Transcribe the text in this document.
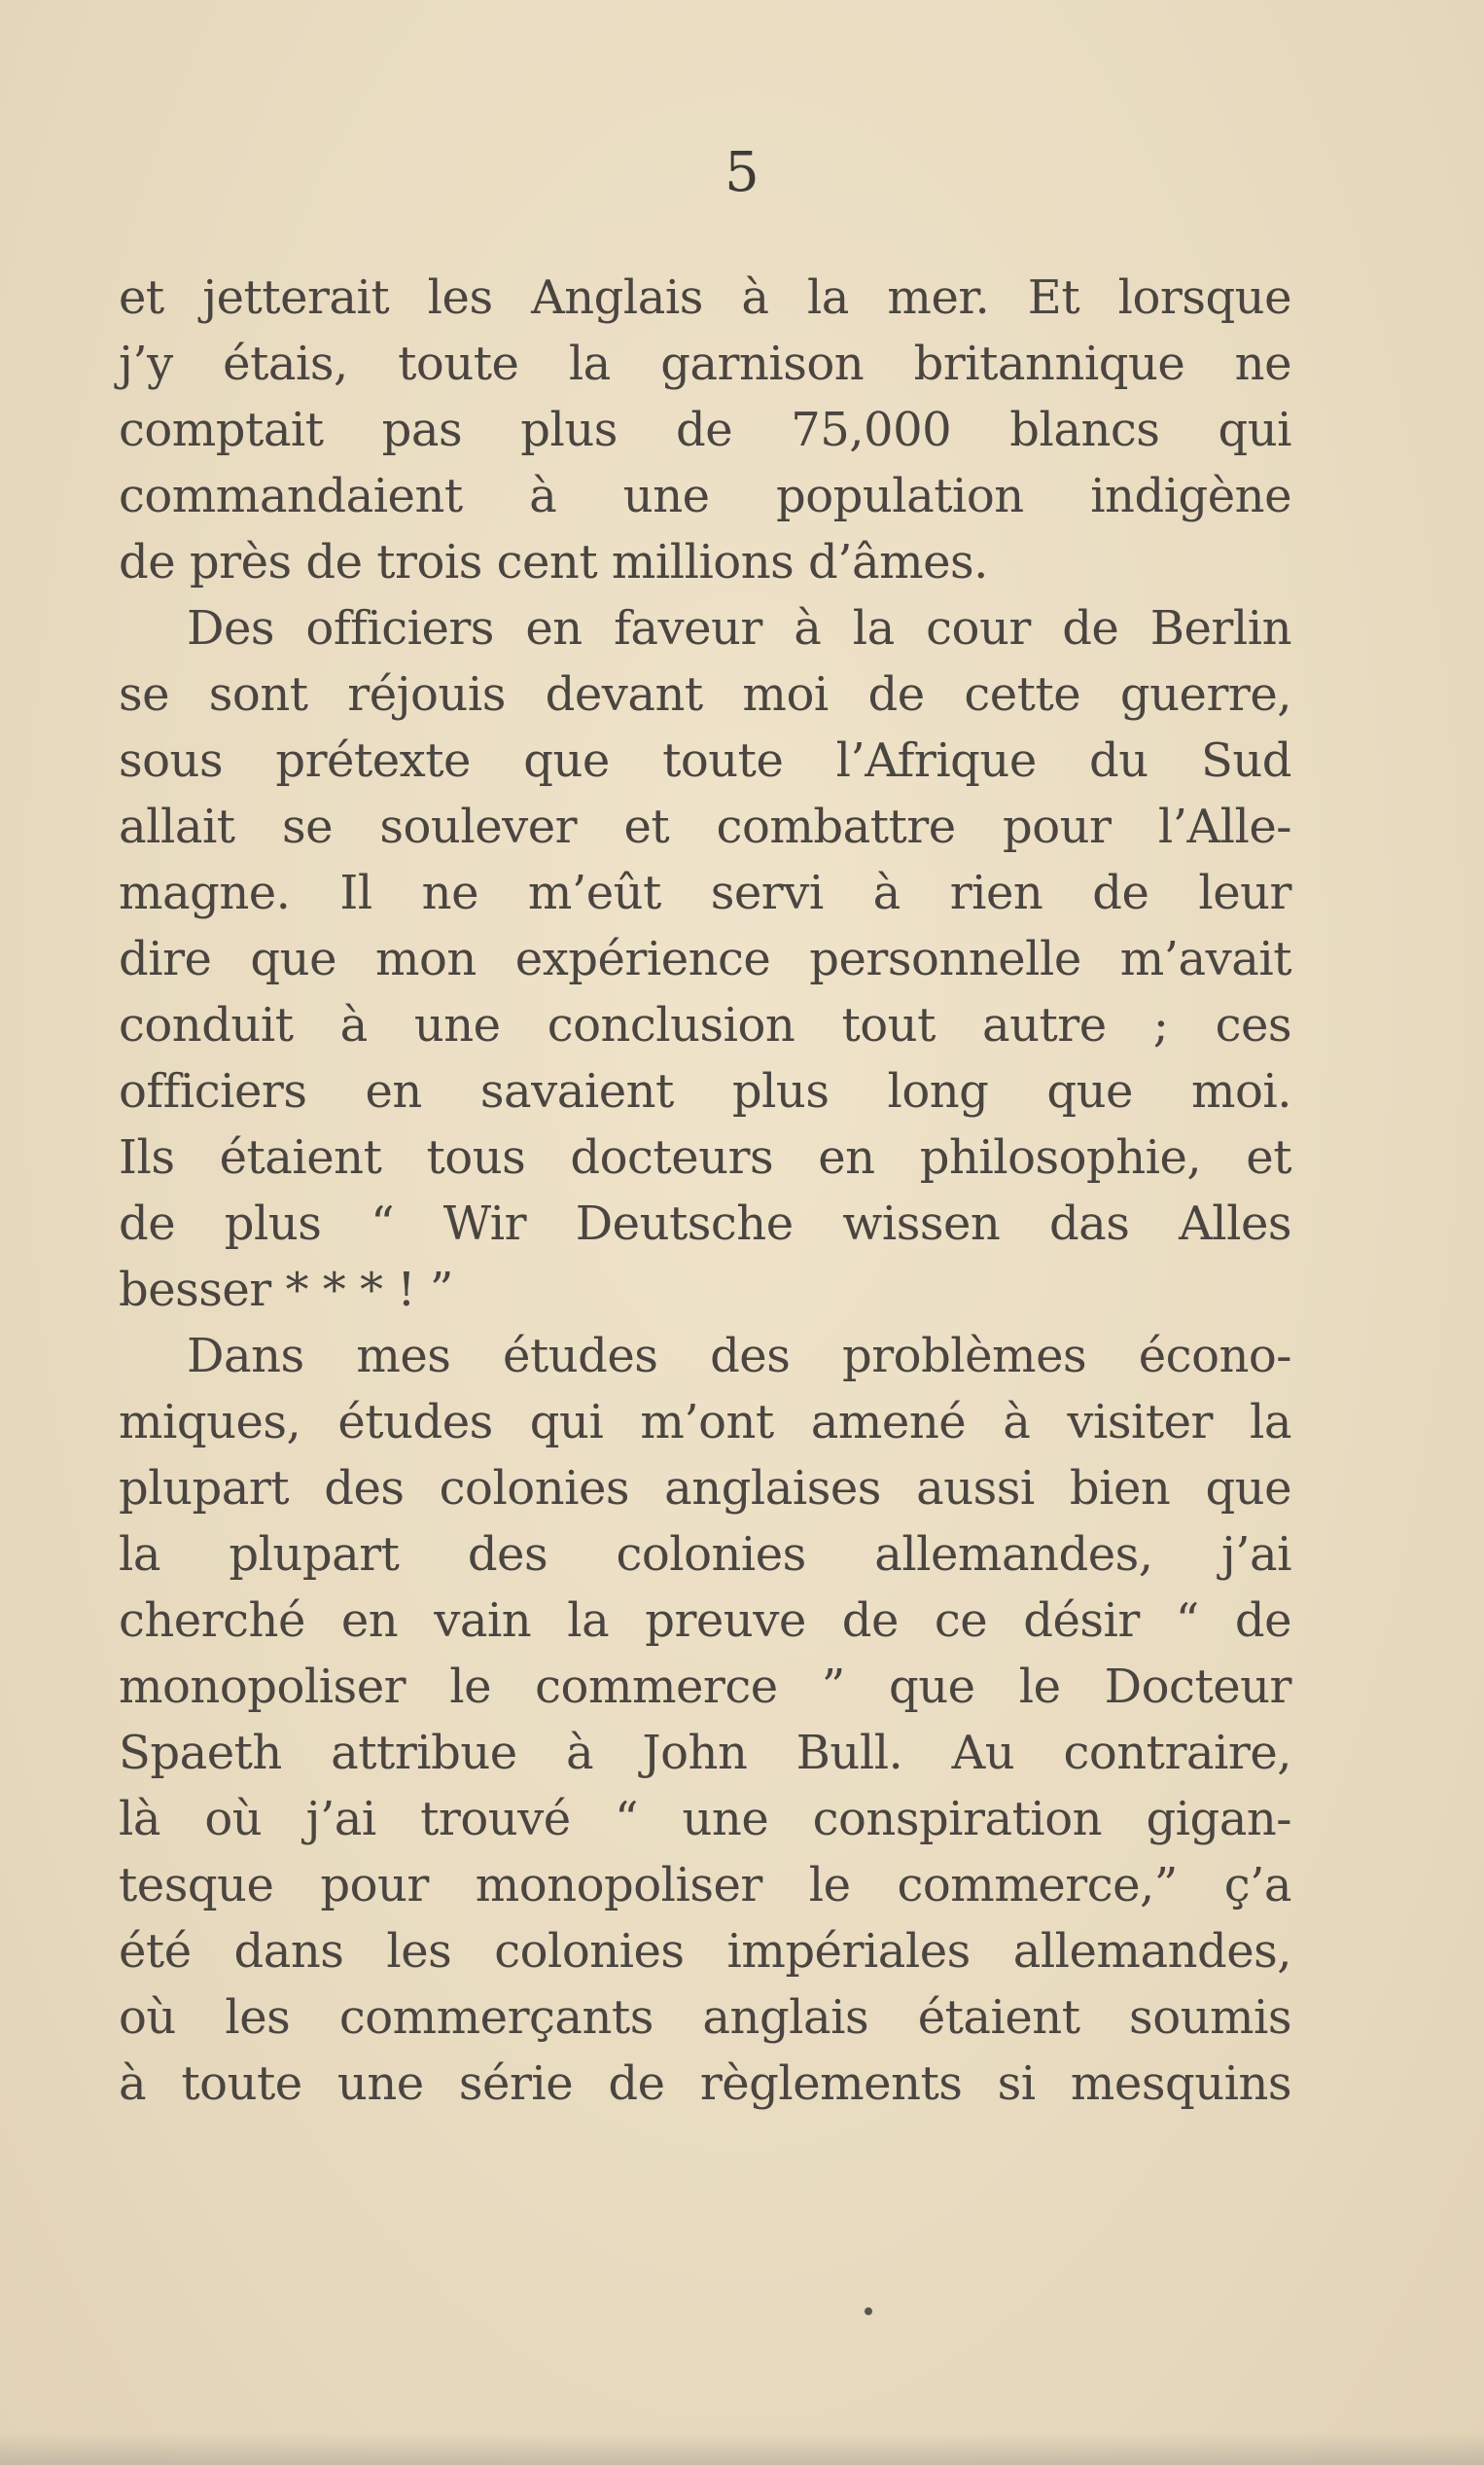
5
et jetterait les Anglais à la mer. Et lorsque
j’y étais, toute la garnison britannique ne
comptait pas plus de 75,000 blancs qui
commandaient à une population indigène
de près de trois cent millions d’âmes.
Des officiers en faveur à la cour de Berlin
se sont réjouis devant moi de cette guerre,
sous prétexte que toute l’Afrique du Sud
allait se soulever et combattre pour l’Alle-
magne. Il ne m’eût servi à rien de leur
dire que mon expérience personnelle m’avait
conduit à une conclusion tout autre ; ces
officiers en savaient plus long que moi.
Ils étaient tous docteurs en philosophie, et
de plus “ Wir Deutsche wissen das Alles
besser * * * ! ”
Dans mes études des problèmes écono-
miques, études qui m’ont amené à visiter la
plupart des colonies anglaises aussi bien que
la plupart des colonies allemandes, j’ai
cherché en vain la preuve de ce désir “ de
monopoliser le commerce ” que le Docteur
Spaeth attribue à John Bull. Au contraire,
là où j’ai trouvé “ une conspiration gigan-
tesque pour monopoliser le commerce,” ç’a
été dans les colonies impériales allemandes,
où les commerçants anglais étaient soumis
à toute une série de règlements si mesquins
